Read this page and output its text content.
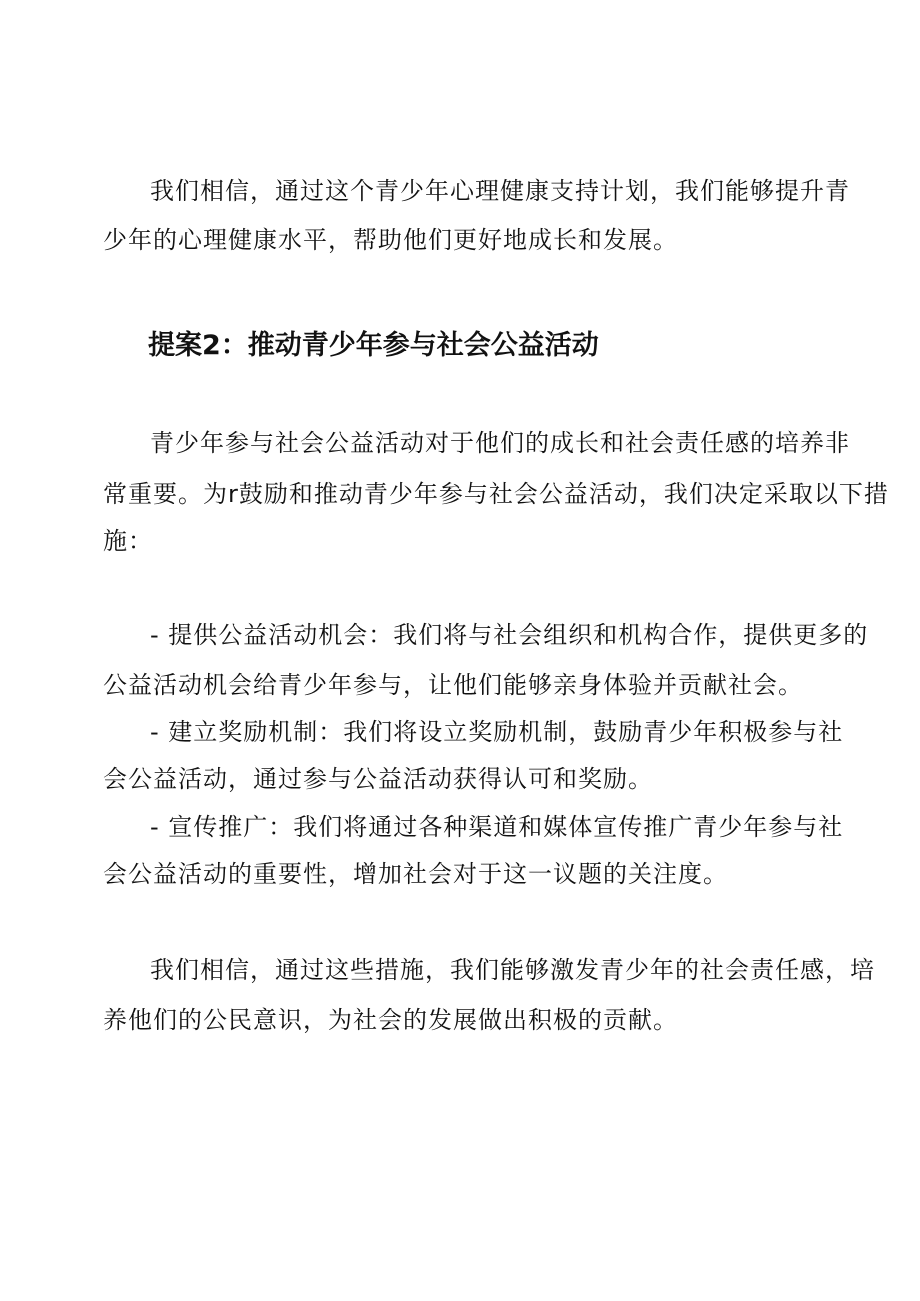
我们相信，通过这个青少年心理健康支持计划，我们能够提升青
少年的心理健康水平，帮助他们更好地成长和发展。
提案2：推动青少年参与社会公益活动
青少年参与社会公益活动对于他们的成长和社会责任感的培养非
常重要。为r鼓励和推动青少年参与社会公益活动，我们决定采取以下措
施：
- 提供公益活动机会：我们将与社会组织和机构合作，提供更多的
公益活动机会给青少年参与，让他们能够亲身体验并贡献社会。
- 建立奖励机制：我们将设立奖励机制，鼓励青少年积极参与社
会公益活动，通过参与公益活动获得认可和奖励。
- 宣传推广：我们将通过各种渠道和媒体宣传推广青少年参与社
会公益活动的重要性，增加社会对于这一议题的关注度。
我们相信，通过这些措施，我们能够激发青少年的社会责任感，培
养他们的公民意识，为社会的发展做出积极的贡献。
